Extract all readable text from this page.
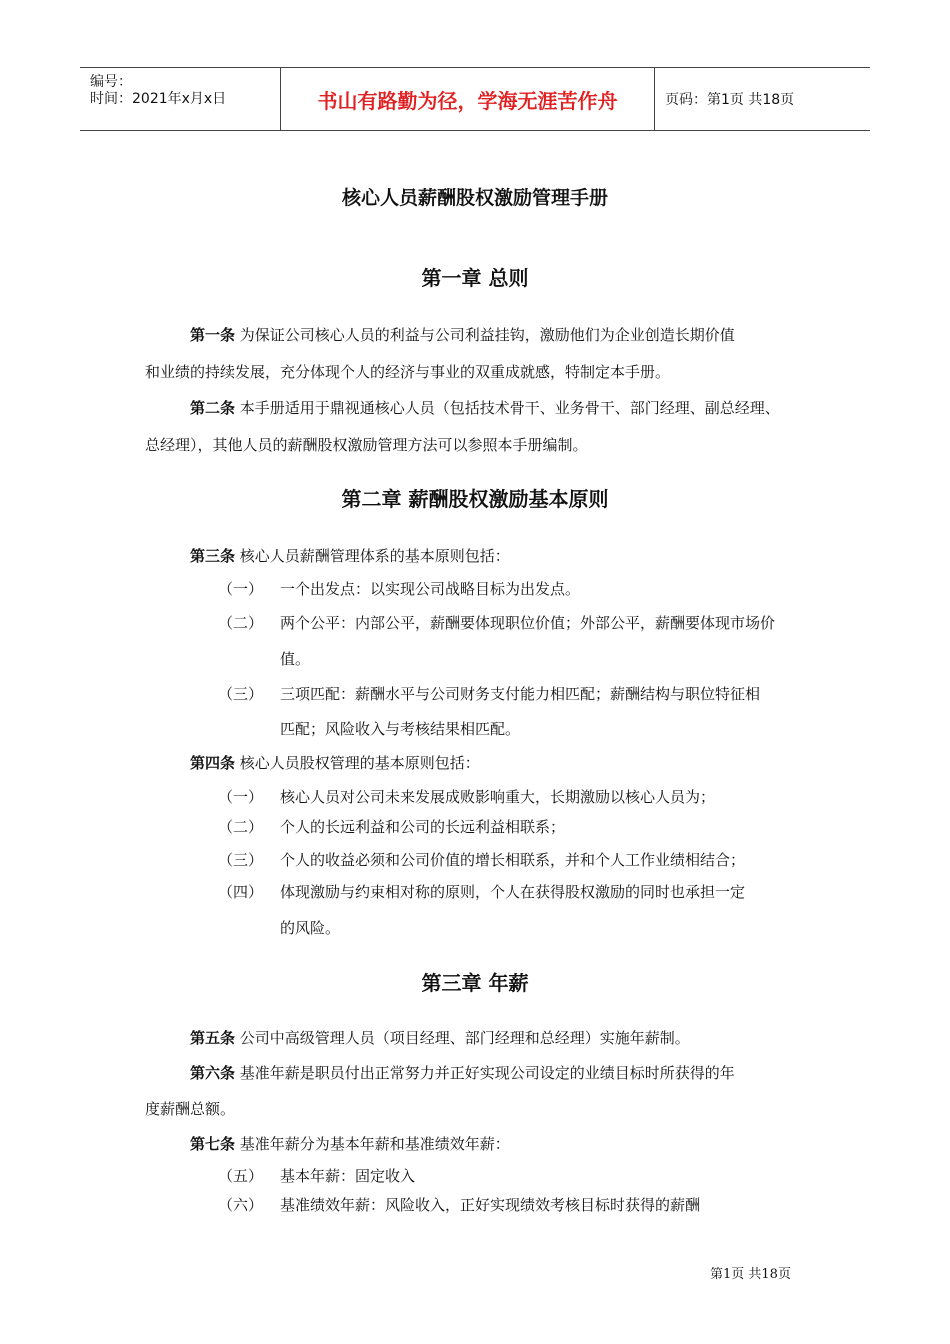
编号：
时间：2021年x月x日	书山有路勤为径，学海无涯苦作舟	页码：第1页 共18页
核心人员薪酬股权激励管理手册
第一章 总则
第二章 薪酬股权激励基本原则
第三章 年薪
第一条 为保证公司核心人员的利益与公司利益挂钩，激励他们为企业创造长期价值
和业绩的持续发展，充分体现个人的经济与事业的双重成就感，特制定本手册。
第二条 本手册适用于鼎视通核心人员（包括技术骨干、业务骨干、部门经理、副总经理、
总经理），其他人员的薪酬股权激励管理方法可以参照本手册编制。
第三条 核心人员薪酬管理体系的基本原则包括：
（一） 一个出发点：以实现公司战略目标为出发点。
（二） 两个公平：内部公平，薪酬要体现职位价值；外部公平，薪酬要体现市场价
值。
（三） 三项匹配：薪酬水平与公司财务支付能力相匹配；薪酬结构与职位特征相
匹配；风险收入与考核结果相匹配。
第四条 核心人员股权管理的基本原则包括：
（一） 核心人员对公司未来发展成败影响重大，长期激励以核心人员为；
（二） 个人的长远利益和公司的长远利益相联系；
（三） 个人的收益必须和公司价值的增长相联系，并和个人工作业绩相结合；
（四） 体现激励与约束相对称的原则，个人在获得股权激励的同时也承担一定
的风险。
第五条 公司中高级管理人员（项目经理、部门经理和总经理）实施年薪制。
第六条 基准年薪是职员付出正常努力并正好实现公司设定的业绩目标时所获得的年
度薪酬总额。
第七条 基准年薪分为基本年薪和基准绩效年薪：
（五） 基本年薪：固定收入
（六） 基准绩效年薪：风险收入，正好实现绩效考核目标时获得的薪酬
第1页 共18页
